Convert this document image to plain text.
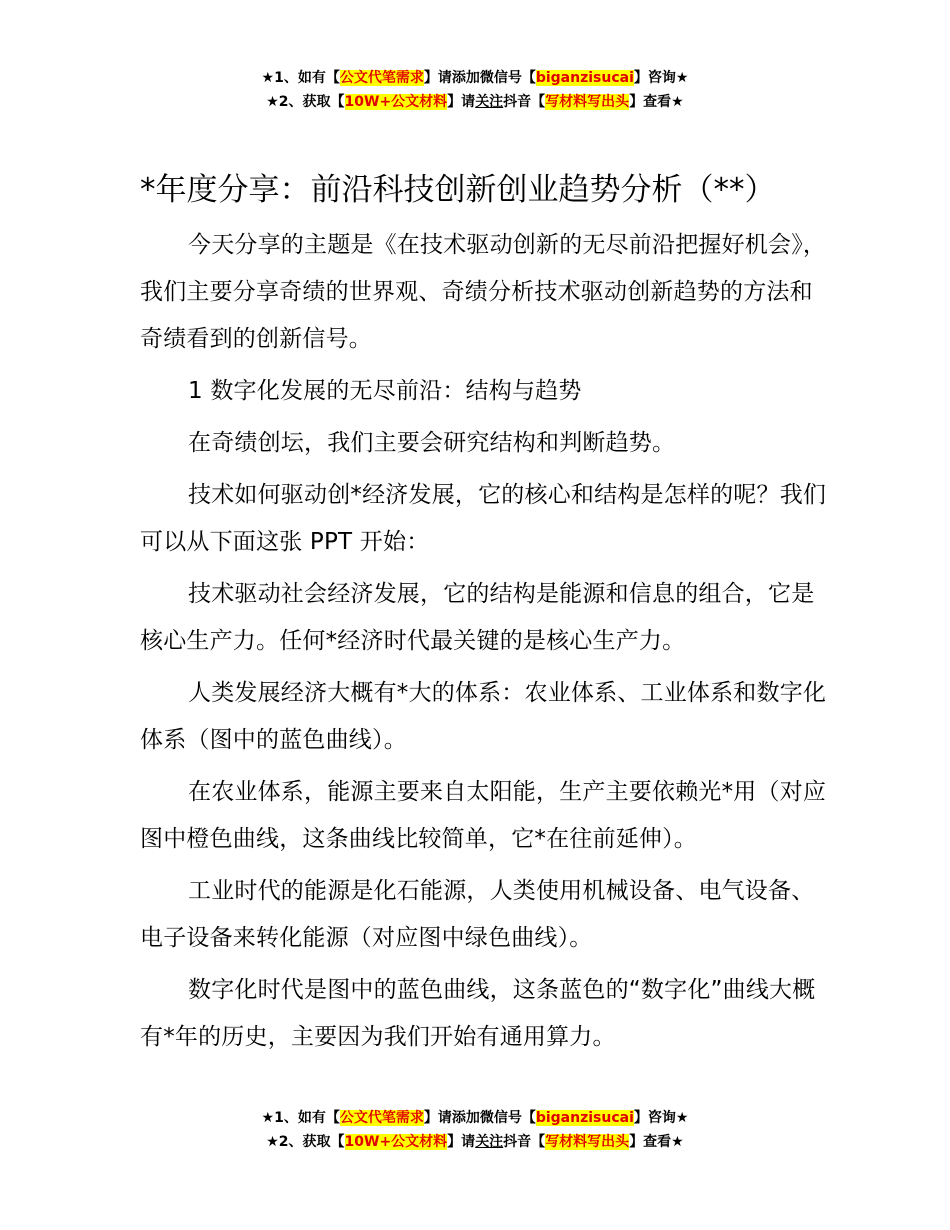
★1、如有【公文代笔需求】请添加微信号【biganzisucai】咨询★
★2、获取【10W+公文材料】请关注抖音【写材料写出头】查看★
*年度分享：前沿科技创新创业趋势分析（**）

今天分享的主题是《在技术驱动创新的无尽前沿把握好机会》，我们主要分享奇绩的世界观、奇绩分析技术驱动创新趋势的方法和奇绩看到的创新信号。

1 数字化发展的无尽前沿：结构与趋势

在奇绩创坛，我们主要会研究结构和判断趋势。

技术如何驱动创*经济发展，它的核心和结构是怎样的呢？我们可以从下面这张 PPT 开始：

技术驱动社会经济发展，它的结构是能源和信息的组合，它是核心生产力。任何*经济时代最关键的是核心生产力。

人类发展经济大概有*大的体系：农业体系、工业体系和数字化体系（图中的蓝色曲线）。

在农业体系，能源主要来自太阳能，生产主要依赖光*用（对应图中橙色曲线，这条曲线比较简单，它*在往前延伸）。

工业时代的能源是化石能源，人类使用机械设备、电气设备、电子设备来转化能源（对应图中绿色曲线）。

数字化时代是图中的蓝色曲线，这条蓝色的“数字化”曲线大概有*年的历史，主要因为我们开始有通用算力。

★1、如有【公文代笔需求】请添加微信号【biganzisucai】咨询★
★2、获取【10W+公文材料】请关注抖音【写材料写出头】查看★
